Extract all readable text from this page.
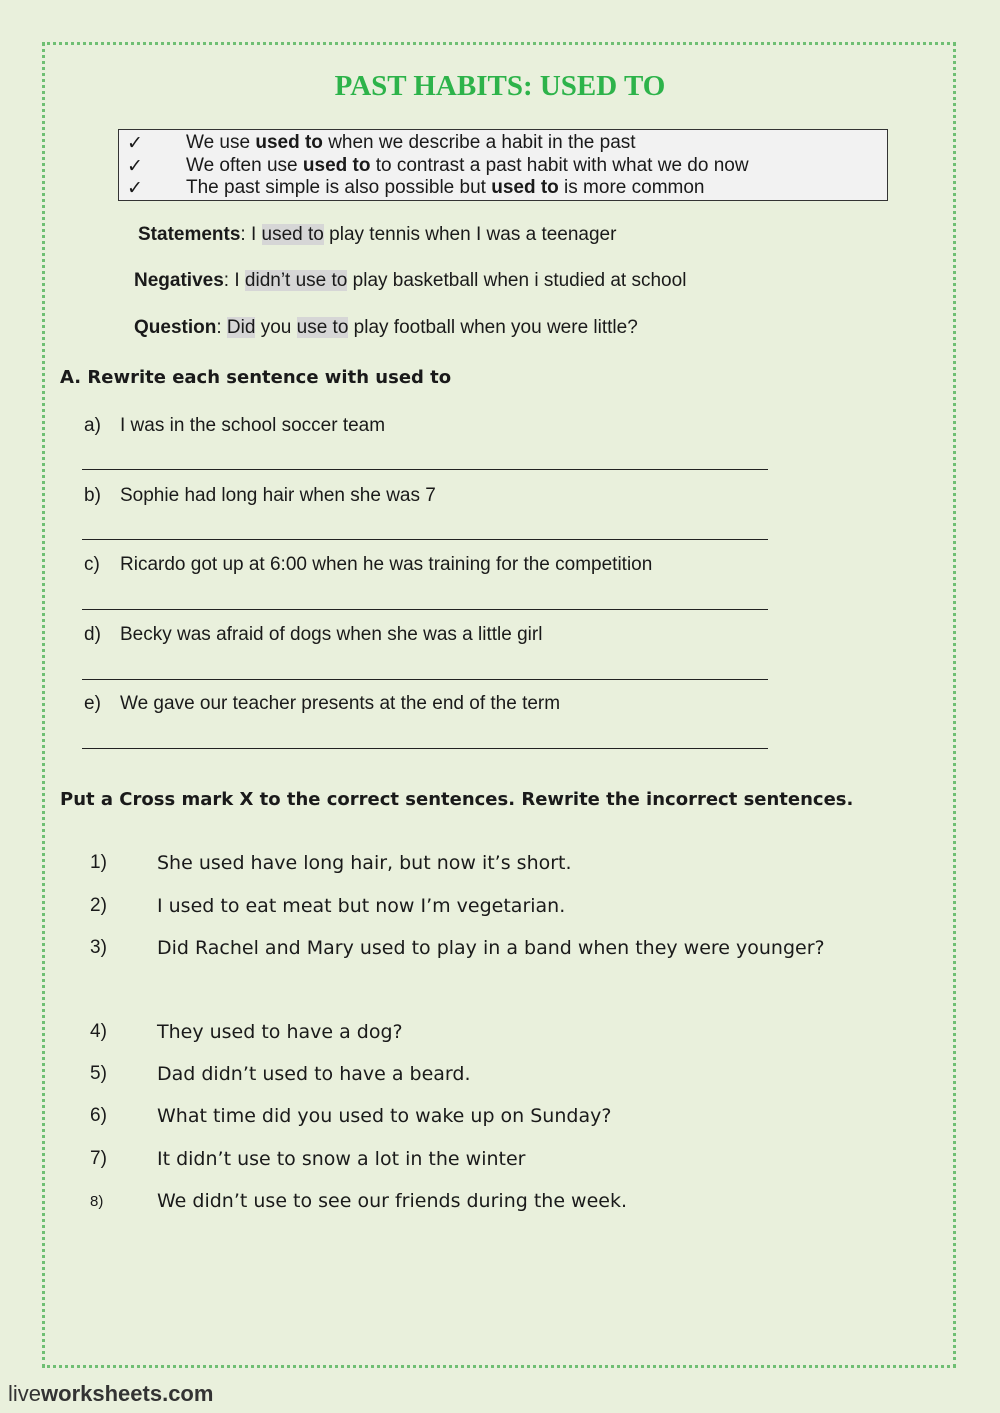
PAST HABITS: USED TO
✓ We use used to when we describe a habit in the past
✓ We often use used to to contrast a past habit with what we do now
✓ The past simple is also possible but used to is more common
Statements: I used to play tennis when I was a teenager
Negatives: I didn’t use to play basketball when i studied at school
Question: Did you use to play football when you were little?
A. Rewrite each sentence with used to
a) I was in the school soccer team
b) Sophie had long hair when she was 7
c) Ricardo got up at 6:00 when he was training for the competition
d) Becky was afraid of dogs when she was a little girl
e) We gave our teacher presents at the end of the term
Put a Cross mark X to the correct sentences. Rewrite the incorrect sentences.
1)	She used have long hair, but now it’s short.
2)	I used to eat meat but now I’m vegetarian.
3)	Did Rachel and Mary used to play in a band when they were younger?
4)	They used to have a dog?
5)	Dad didn’t used to have a beard.
6)	What time did you used to wake up on Sunday?
7)	It didn’t use to snow a lot in the winter
8)	We didn’t use to see our friends during the week.
liveworksheets.com
